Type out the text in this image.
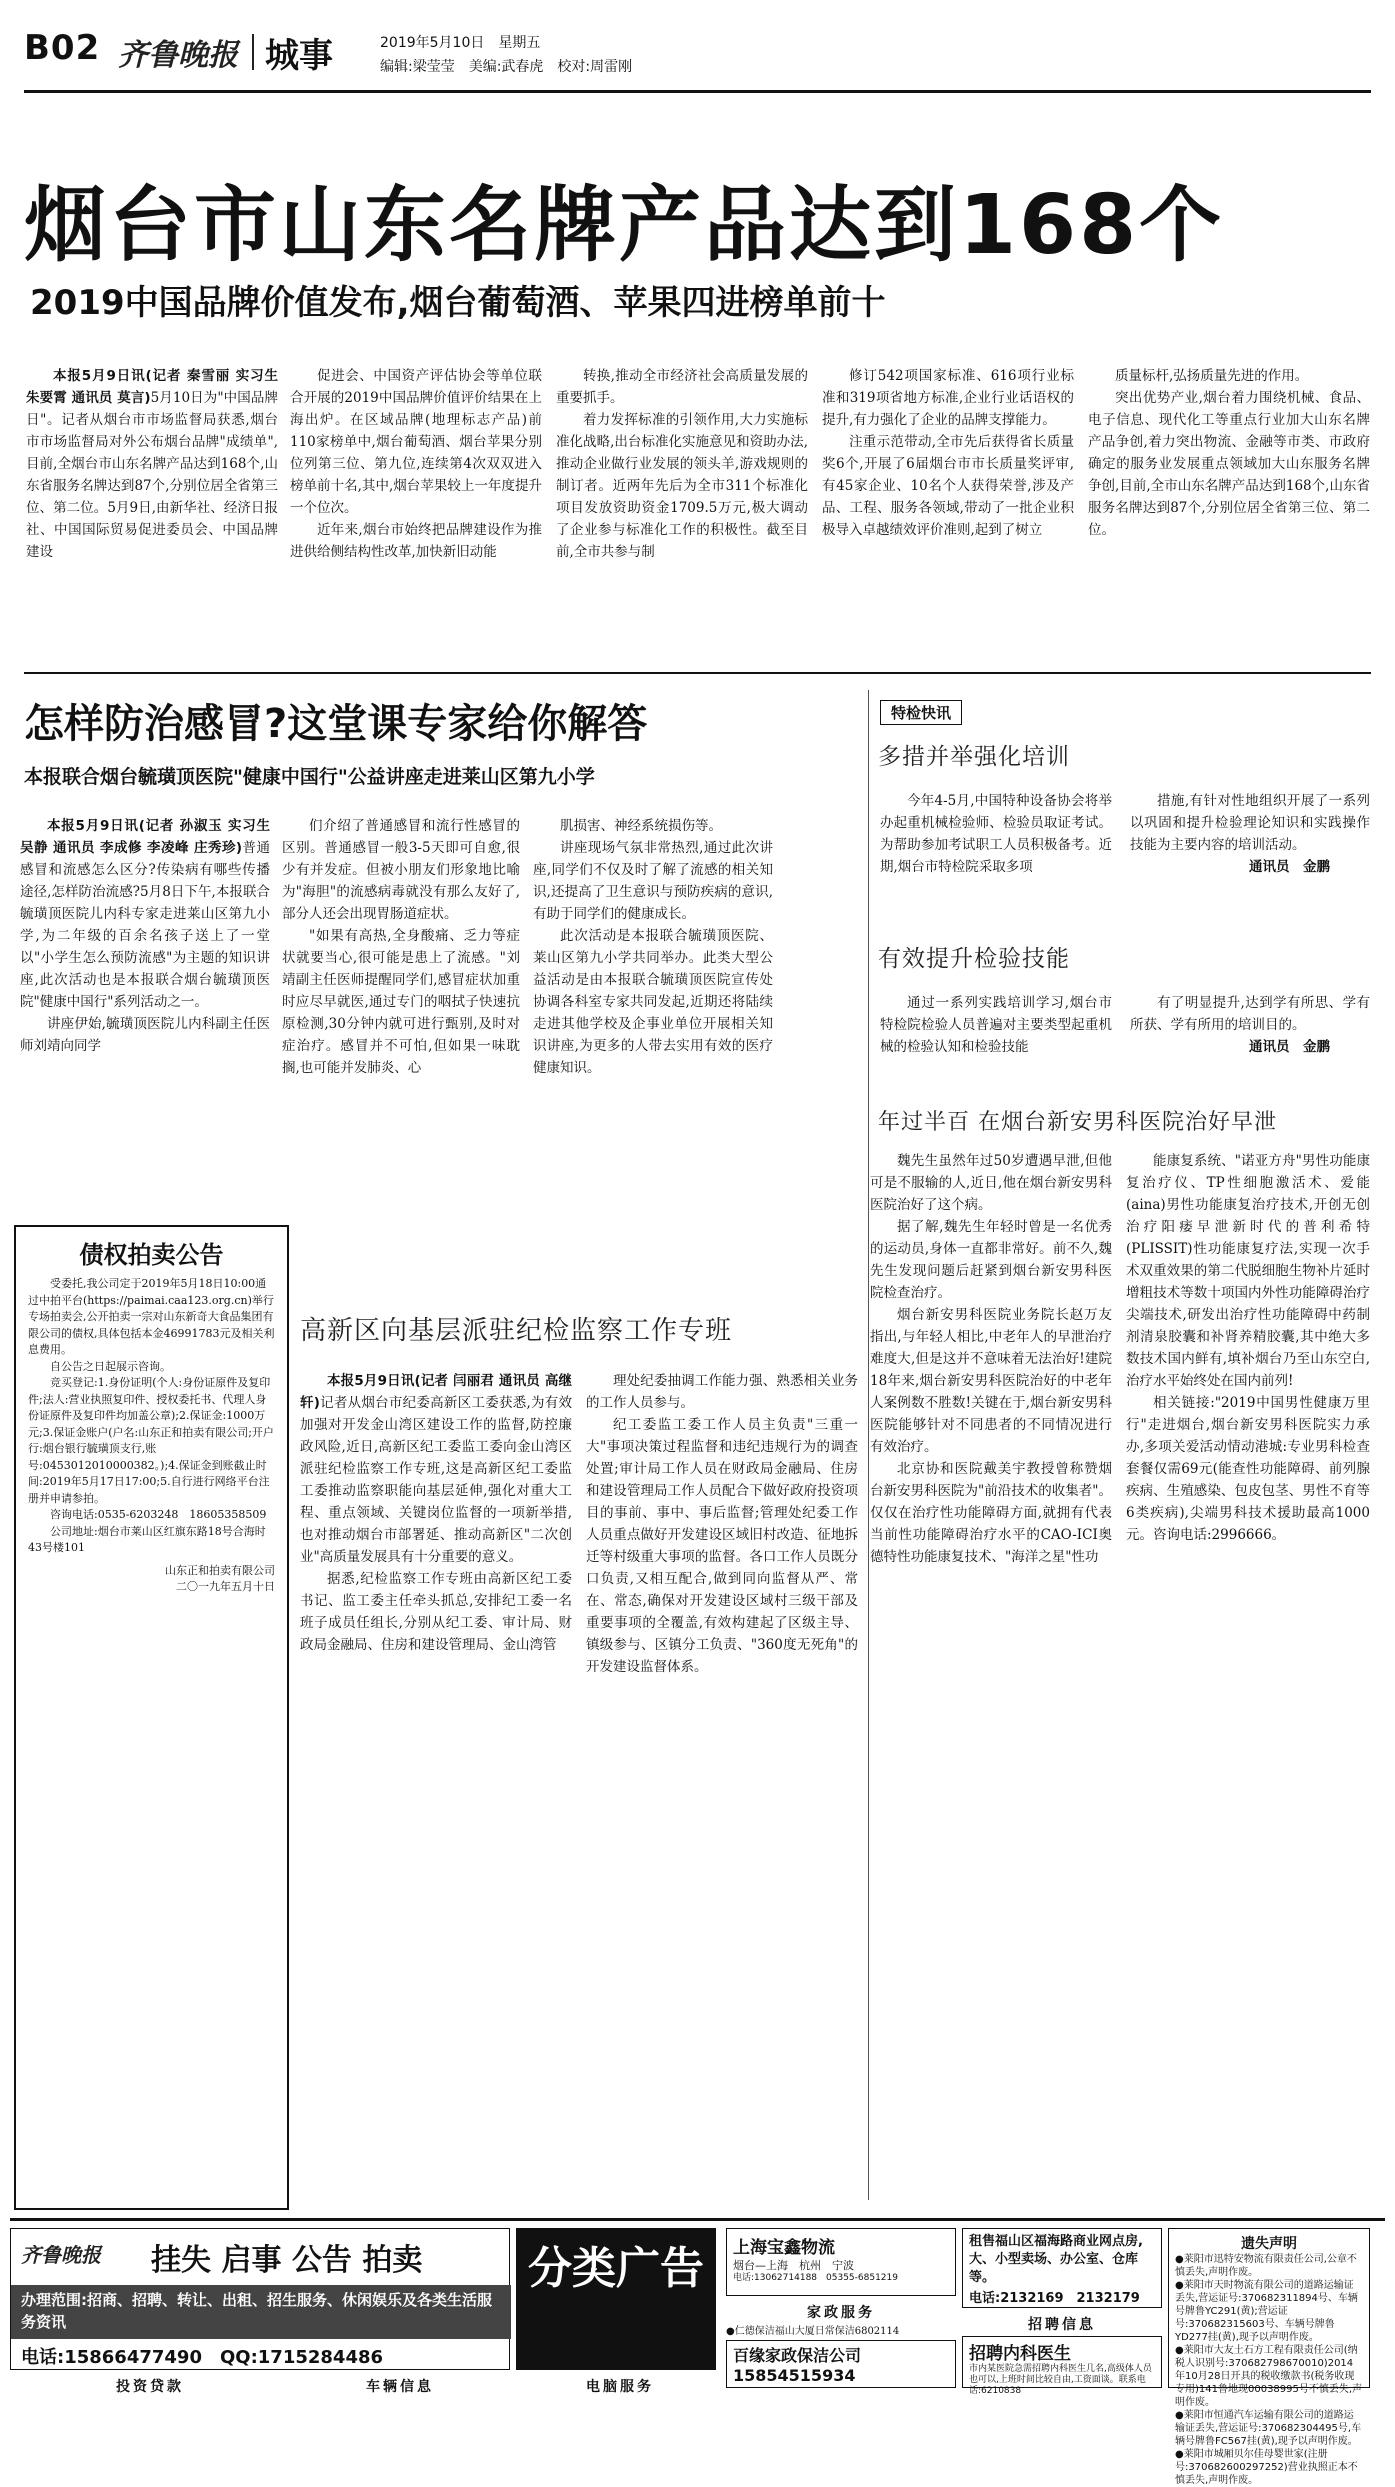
B02 齐鲁晚报 城事	2019年5月10日　星期五
编辑:梁莹莹　美编:武春虎　校对:周雷刚
烟台市山东名牌产品达到168个
2019中国品牌价值发布,烟台葡萄酒、苹果四进榜单前十

本报5月9日讯(记者 秦雪丽 实习生 朱要霄 通讯员 莫言)5月10日为"中国品牌日"。记者从烟台市市场监督局获悉,烟台市市场监督局对外公布烟台品牌"成绩单",目前,全烟台市山东名牌产品达到168个,山东省服务名牌达到87个,分别位居全省第三位、第二位。5月9日,由新华社、经济日报社、中国国际贸易促进委员会、中国品牌建设

促进会、中国资产评估协会等单位联合开展的2019中国品牌价值评价结果在上海出炉。在区域品牌(地理标志产品)前110家榜单中,烟台葡萄酒、烟台苹果分别位列第三位、第九位,连续第4次双双进入榜单前十名,其中,烟台苹果较上一年度提升一个位次。

近年来,烟台市始终把品牌建设作为推进供给侧结构性改革,加快新旧动能

转换,推动全市经济社会高质量发展的重要抓手。

着力发挥标准的引领作用,大力实施标准化战略,出台标准化实施意见和资助办法,推动企业做行业发展的领头羊,游戏规则的制订者。近两年先后为全市311个标准化项目发放资助资金1709.5万元,极大调动了企业参与标准化工作的积极性。截至目前,全市共参与制

修订542项国家标准、616项行业标准和319项省地方标准,企业行业话语权的提升,有力强化了企业的品牌支撑能力。

注重示范带动,全市先后获得省长质量奖6个,开展了6届烟台市市长质量奖评审,有45家企业、10名个人获得荣誉,涉及产品、工程、服务各领域,带动了一批企业积极导入卓越绩效评价准则,起到了树立

质量标杆,弘扬质量先进的作用。

突出优势产业,烟台着力围绕机械、食品、电子信息、现代化工等重点行业加大山东名牌产品争创,着力突出物流、金融等市类、市政府确定的服务业发展重点领域加大山东服务名牌争创,目前,全市山东名牌产品达到168个,山东省服务名牌达到87个,分别位居全省第三位、第二位。

怎样防治感冒?这堂课专家给你解答
本报联合烟台毓璜顶医院"健康中国行"公益讲座走进莱山区第九小学

本报5月9日讯(记者 孙淑玉 实习生 吴静 通讯员 李成修 李凌峰 庄秀珍)普通感冒和流感怎么区分?传染病有哪些传播途径,怎样防治流感?5月8日下午,本报联合毓璜顶医院儿内科专家走进莱山区第九小学,为二年级的百余名孩子送上了一堂以"小学生怎么预防流感"为主题的知识讲座,此次活动也是本报联合烟台毓璜顶医院"健康中国行"系列活动之一。

讲座伊始,毓璜顶医院儿内科副主任医师刘靖向同学

们介绍了普通感冒和流行性感冒的区别。普通感冒一般3-5天即可自愈,很少有并发症。但被小朋友们形象地比喻为"海胆"的流感病毒就没有那么友好了,部分人还会出现胃肠道症状。

"如果有高热,全身酸痛、乏力等症状就要当心,很可能是患上了流感。"刘靖副主任医师提醒同学们,感冒症状加重时应尽早就医,通过专门的咽拭子快速抗原检测,30分钟内就可进行甄别,及时对症治疗。感冒并不可怕,但如果一味耽搁,也可能并发肺炎、心

肌损害、神经系统损伤等。

讲座现场气氛非常热烈,通过此次讲座,同学们不仅及时了解了流感的相关知识,还提高了卫生意识与预防疾病的意识,有助于同学们的健康成长。

此次活动是本报联合毓璜顶医院、莱山区第九小学共同举办。此类大型公益活动是由本报联合毓璜顶医院宣传处协调各科室专家共同发起,近期还将陆续走进其他学校及企事业单位开展相关知识讲座,为更多的人带去实用有效的医疗健康知识。

特检快讯
多措并举强化培训

今年4-5月,中国特种设备协会将举办起重机械检验师、检验员取证考试。为帮助参加考试职工人员积极备考。近期,烟台市特检院采取多项

措施,有针对性地组织开展了一系列以巩固和提升检验理论知识和实践操作技能为主要内容的培训活动。

通讯员　金鹏
有效提升检验技能

通过一系列实践培训学习,烟台市特检院检验人员普遍对主要类型起重机械的检验认知和检验技能

有了明显提升,达到学有所思、学有所获、学有所用的培训目的。

通讯员　金鹏
年过半百 在烟台新安男科医院治好早泄

魏先生虽然年过50岁遭遇早泄,但他可是不服输的人,近日,他在烟台新安男科医院治好了这个病。

据了解,魏先生年轻时曾是一名优秀的运动员,身体一直都非常好。前不久,魏先生发现问题后赶紧到烟台新安男科医院检查治疗。

烟台新安男科医院业务院长赵万友指出,与年轻人相比,中老年人的早泄治疗难度大,但是这并不意味着无法治好!建院18年来,烟台新安男科医院治好的中老年人案例数不胜数!关键在于,烟台新安男科医院能够针对不同患者的不同情况进行有效治疗。

北京协和医院戴美宇教授曾称赞烟台新安男科医院为"前沿技术的收集者"。仅仅在治疗性功能障碍方面,就拥有代表当前性功能障碍治疗水平的CAO-ICI奥德特性功能康复技术、"海洋之星"性功

能康复系统、"诺亚方舟"男性功能康复治疗仪、TP性细胞激活术、爱能(aina)男性功能康复治疗技术,开创无创治疗阳痿早泄新时代的普利希特(PLISSIT)性功能康复疗法,实现一次手术双重效果的第二代脱细胞生物补片延时增粗技术等数十项国内外性功能障碍治疗尖端技术,研发出治疗性功能障碍中药制剂清泉胶囊和补肾养精胶囊,其中绝大多数技术国内鲜有,填补烟台乃至山东空白,治疗水平始终处在国内前列!

相关链接:"2019中国男性健康万里行"走进烟台,烟台新安男科医院实力承办,多项关爱活动情动港城:专业男科检查套餐仅需69元(能查性功能障碍、前列腺疾病、生殖感染、包皮包茎、男性不育等6类疾病),尖端男科技术援助最高1000元。咨询电话:2996666。

债权拍卖公告

受委托,我公司定于2019年5月18日10:00通过中拍平台(https://paimai.caa123.org.cn)举行专场拍卖会,公开拍卖一宗对山东新奇大食品集团有限公司的债权,具体包括本金46991783元及相关利息费用。

自公告之日起展示咨询。

竞买登记:1.身份证明(个人:身份证原件及复印件;法人:营业执照复印件、授权委托书、代理人身份证原件及复印件均加盖公章);2.保证金:1000万元;3.保证金账户(户名:山东正和拍卖有限公司;开户行:烟台银行毓璜顶支行,账号:0453012010000382。);4.保证金到账截止时间:2019年5月17日17:00;5.自行进行网络平台注册并申请参拍。

咨询电话:0535-6203248　18605358509

公司地址:烟台市莱山区红旗东路18号合海时43号楼101

山东正和拍卖有限公司
二〇一九年五月十日
高新区向基层派驻纪检监察工作专班

本报5月9日讯(记者 闫丽君 通讯员 高继轩)记者从烟台市纪委高新区工委获悉,为有效加强对开发金山湾区建设工作的监督,防控廉政风险,近日,高新区纪工委监工委向金山湾区派驻纪检监察工作专班,这是高新区纪工委监工委推动监察职能向基层延伸,强化对重大工程、重点领域、关键岗位监督的一项新举措,也对推动烟台市部署延、推动高新区"二次创业"高质量发展具有十分重要的意义。

据悉,纪检监察工作专班由高新区纪工委书记、监工委主任牵头抓总,安排纪工委一名班子成员任组长,分别从纪工委、审计局、财政局金融局、住房和建设管理局、金山湾管

理处纪委抽调工作能力强、熟悉相关业务的工作人员参与。

纪工委监工委工作人员主负责"三重一大"事项决策过程监督和违纪违规行为的调查处置;审计局工作人员在财政局金融局、住房和建设管理局工作人员配合下做好政府投资项目的事前、事中、事后监督;管理处纪委工作人员重点做好开发建设区域旧村改造、征地拆迁等村级重大事项的监督。各口工作人员既分口负责,又相互配合,做到同向监督从严、常在、常态,确保对开发建设区域村三级干部及重要事项的全覆盖,有效构建起了区级主导、镇级参与、区镇分工负责、"360度无死角"的开发建设监督体系。

齐鲁晚报 挂失 启事 公告 拍卖
办理范围:招商、招聘、转让、出租、招生服务、休闲娱乐及各类生活服务资讯
电话:15866477490　QQ:1715284486
分类广告
投资贷款	车辆信息	电脑服务
上海宝鑫物流
烟台—上海　杭州　宁波
电话:13062714188　05355-6851219
家政服务
●仁德保洁福山大厦日常保洁6802114
百缘家政保洁公司
15854515934
租售福山区福海路商业网点房,大、小型卖场、办公室、仓库等。
电话:2132169　2132179
招聘信息
招聘内科医生
市内某医院急需招聘内科医生几名,高级体人员也可以,上班时间比较自由,工资面谈。联系电话:6210838
遗失声明
●莱阳市迅特安物流有限责任公司,公章不慎丢失,声明作废。
●莱阳市天时物流有限公司的道路运输证丢失,营运证号:370682311894号、车辆号牌鲁YC291(黄);营运证号:370682315603号、车辆号牌鲁YD277挂(黄),现予以声明作废。
●莱阳市大友土石方工程有限责任公司(纳税人识别号:370682798670010)2014年10月28日开具的税收缴款书(税务收现专用)141鲁地现00038995号不慎丢失,声明作废。
●莱阳市恒通汽车运输有限公司的道路运输证丢失,营运证号:370682304495号,车辆号牌鲁FC567挂(黄),现予以声明作废。
●莱阳市城厢贝尔佳母婴世家(注册号:370682600297252)营业执照正本不慎丢失,声明作废。
